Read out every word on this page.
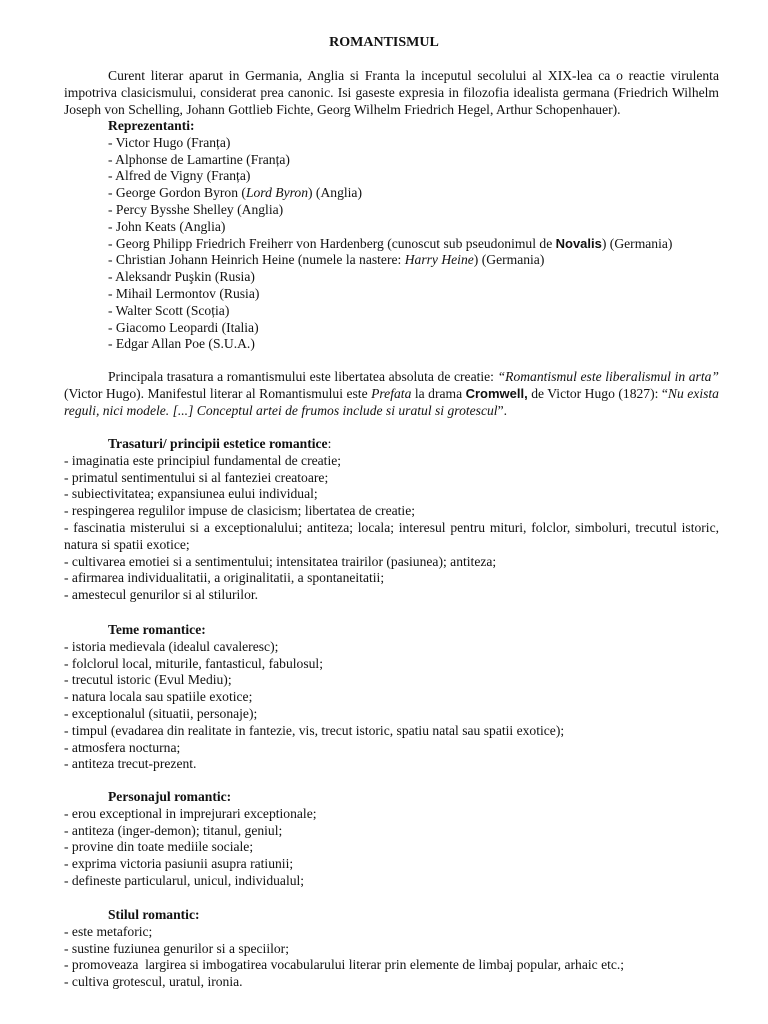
ROMANTISMUL
Curent literar aparut in Germania, Anglia si Franta la inceputul secolului al XIX-lea ca o reactie virulenta impotriva clasicismului, considerat prea canonic. Isi gaseste expresia in filozofia idealista germana (Friedrich Wilhelm Joseph von Schelling, Johann Gottlieb Fichte, Georg Wilhelm Friedrich Hegel, Arthur Schopenhauer).
Reprezentanti:
- Victor Hugo (Franța)
- Alphonse de Lamartine (Franța)
- Alfred de Vigny (Franța)
- George Gordon Byron (Lord Byron) (Anglia)
- Percy Bysshe Shelley (Anglia)
- John Keats (Anglia)
- Georg Philipp Friedrich Freiherr von Hardenberg (cunoscut sub pseudonimul de Novalis) (Germania)
- Christian Johann Heinrich Heine (numele la nastere: Harry Heine) (Germania)
- Aleksandr Puşkin (Rusia)
- Mihail Lermontov (Rusia)
- Walter Scott (Scoția)
- Giacomo Leopardi (Italia)
- Edgar Allan Poe (S.U.A.)
Principala trasatura a romantismului este libertatea absoluta de creatie: “Romantismul este liberalismul in arta” (Victor Hugo). Manifestul literar al Romantismului este Prefata la drama Cromwell, de Victor Hugo (1827): “Nu exista reguli, nici modele. [...] Conceptul artei de frumos include si uratul si grotescul”.
Trasaturi/ principii estetice romantice:
- imaginatia este principiul fundamental de creatie;
- primatul sentimentului si al fanteziei creatoare;
- subiectivitatea; expansiunea eului individual;
- respingerea regulilor impuse de clasicism; libertatea de creatie;
- fascinatia misterului si a exceptionalului; antiteza; locala; interesul pentru mituri, folclor, simboluri, trecutul istoric, natura si spatii exotice;
- cultivarea emotiei si a sentimentului; intensitatea trairilor (pasiunea); antiteza;
- afirmarea individualitatii, a originalitatii, a spontaneitatii;
- amestecul genurilor si al stilurilor.
Teme romantice:
- istoria medievala (idealul cavaleresc);
- folclorul local, miturile, fantasticul, fabulosul;
- trecutul istoric (Evul Mediu);
- natura locala sau spatiile exotice;
- exceptionalul (situatii, personaje);
- timpul (evadarea din realitate in fantezie, vis, trecut istoric, spatiu natal sau spatii exotice);
- atmosfera nocturna;
- antiteza trecut-prezent.
Personajul romantic:
- erou exceptional in imprejurari exceptionale;
- antiteza (inger-demon); titanul, geniul;
- provine din toate mediile sociale;
- exprima victoria pasiunii asupra ratiunii;
- defineste particularul, unicul, individualul;
Stilul romantic:
- este metaforic;
- sustine fuziunea genurilor si a speciilor;
- promoveaza  largirea si imbogatirea vocabularului literar prin elemente de limbaj popular, arhaic etc.;
- cultiva grotescul, uratul, ironia.
